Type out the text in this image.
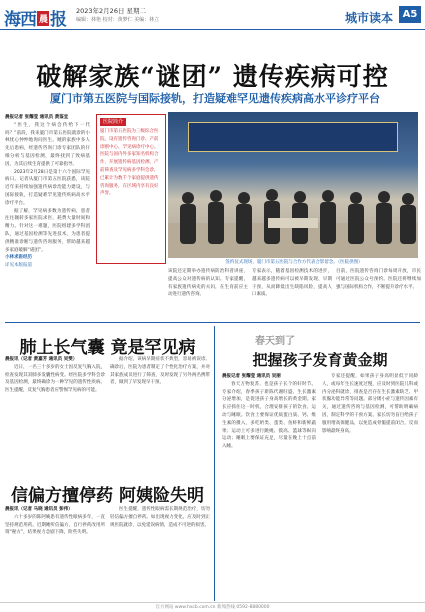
海西 晨 报 2023年2月26日 星期二
编辑：林艳 校对：黄梦仁 美编：林立	城市读本 A5
破解家族“谜团” 遗传疾病可控
厦门市第五医院与国际接轨，打造疑难罕见遗传疾病高水平诊疗平台
晨报记者 张耀莹 通讯员 黄鉴宜

“医生，我这个病会传给下一代吗？”前段，我来厦门市第五医院就诊的小林忧心忡忡地询问医生。她的家族中多人先后患病，经遗传咨询门诊专家团队的仔细分析与基因检测，最终找到了致病基因，为其后续生育提供了可靠指导。

2023年2月28日是第十六个国际罕见病日。记者从厦门市第五医院获悉，该院近年来持续加强遗传病诊治能力建设，与国际接轨，打造疑难罕见遗传疾病高水平诊疗平台。

据了解，罕见病多数为遗传病，患者往往辗转多家医院求医，耗费大量时间和精力。针对这一难题，医院组建多学科团队，通过基因检测等先进技术，为患者提供精准诊断与遗传咨询服务，帮助越来越多家庭破解“谜团”。

小林求医经历
详见本版报道
医院简介
厦门市第五医院为三级综合医院，设有遗传咨询门诊、产前诊断中心、罕见病诊疗中心。医院与国内外多家知名机构合作，开展遗传病基因检测、产前筛查及罕见病多学科会诊，已累计为数千个家庭提供遗传咨询服务，在区域内享有良好声誉。
签约仪式现场，厦门市第五医院与合作方代表合影留念。（医院供图）
该院还定期举办遗传病防治科普讲座，提高公众对遗传病的认知。专家提醒，有家族遗传病史的夫妇，在生育前应主动进行遗传咨询。
专家表示，随着基因检测技术的进步，越来越多遗传病可以被早期发现、早期干预，从而降低出生缺陷风险，提高人口素质。
目前，医院遗传咨询门诊每周开放，市民可通过医院公众号预约。医院还将继续加强与国际机构合作，不断提升诊疗水平。
肺上长气囊 竟是罕见病
晨报讯（记者 黄嘉芳 通讯员 吴雯）

近日，一名三十多岁的女士因反复气胸入院，检查发现其双肺多发囊性病变。经医院多学科会诊及基因检测，最终确诊为一种罕见的遗传性疾病。医生提醒，反复气胸患者应警惕罕见病的可能。

据介绍，该病早期症状不典型，容易被误诊。确诊后，医院为患者制定了个性化治疗方案，并对其家族成员进行了筛查，及时发现了另外两名携带者，做到了早发现早干预。

信偏方擅停药 阿姨险失明
晨报讯（记者 马晓 通讯员 彭伟）

六十多岁的陈阿姨患有遗传性眼病多年，一直坚持规范用药。近期她听信偏方，自行停药改用所谓“秘方”，结果视力急剧下降，险些失明。

医生提醒，遗传性眼病需长期规范治疗，切勿轻信偏方擅自停药。如出现视力变化，应及时到正规医院就诊，以免延误病情，造成不可逆的损害。

春天到了
把握孩子发育黄金期
晨报记者 张耀莹 通讯员 吴丽

春天万物复苏，也是孩子长个的好时节。专家介绍，春季孩子新陈代谢旺盛，生长激素分泌增加，是促进孩子身高增长的黄金期。家长应抓住这一时机，合理安排孩子的饮食、运动与睡眠。饮食上要保证优质蛋白质、钙、维生素的摄入，多吃奶类、蛋类、鱼虾和新鲜蔬果；运动上可多进行跳绳、摸高、篮球等纵向运动；睡眠上要保证充足，尽量在晚上十点前入睡。

专家还提醒，如果孩子身高明显低于同龄人，或每年生长速度过慢，应及时到医院儿科或内分泌科就诊，排查是否存在生长激素缺乏、甲状腺功能异常等问题。部分矮小症与遗传因素有关，通过遗传咨询与基因检测，可帮助明确病因，制定科学的干预方案。家长切勿盲目给孩子服用增高保健品，以免造成骨骺提前闭合，反而影响最终身高。

官方网站 www.hxcb.com.cn 新闻热线 0592-8880000
